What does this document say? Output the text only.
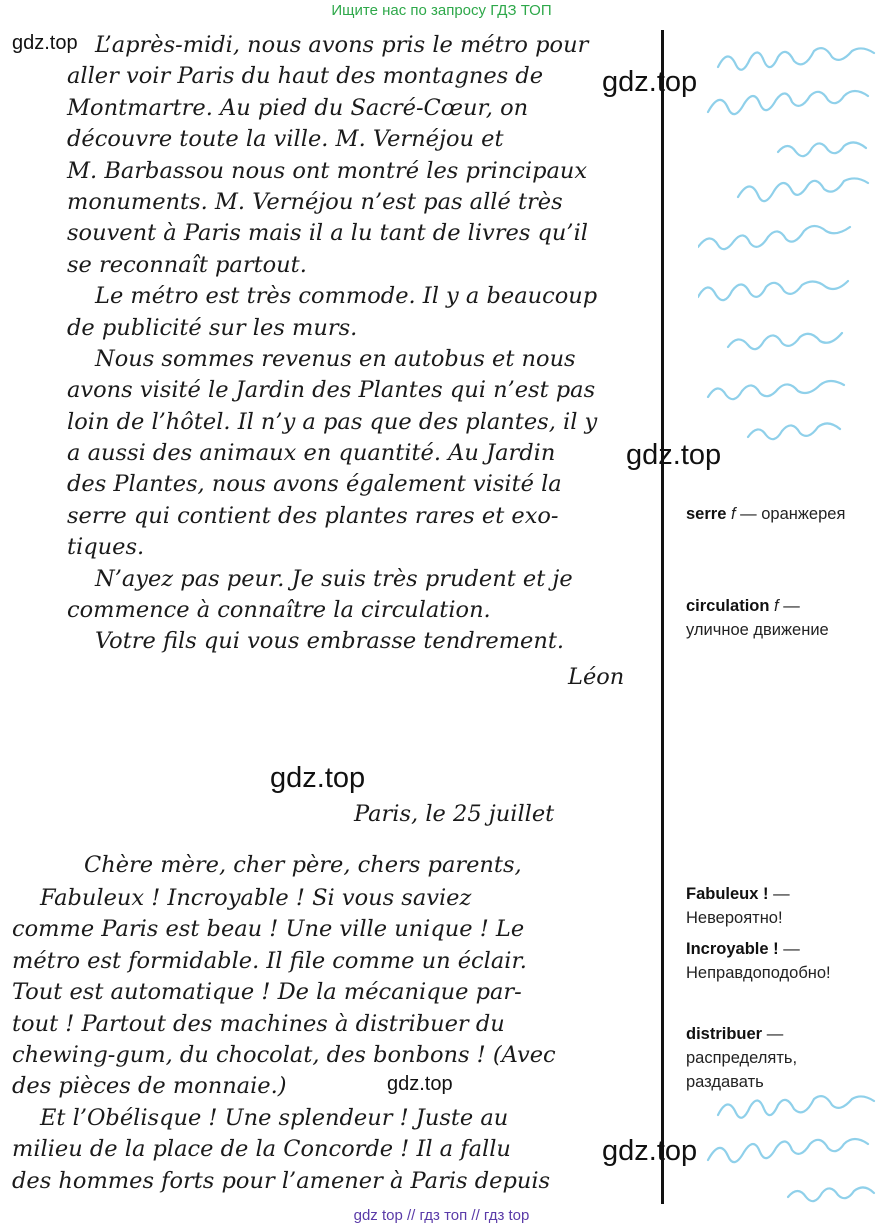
Ищите нас по запросу ГДЗ ТОП
L’après-midi, nous avons pris le métro pour
aller voir Paris du haut des montagnes de
Montmartre. Au pied du Sacré-Cœur, on
découvre toute la ville. M. Vernéjou et
M. Barbassou nous ont montré les principaux
monuments. M. Vernéjou n’est pas allé très
souvent à Paris mais il a lu tant de livres qu’il
se reconnaît partout.
Le métro est très commode. Il y a beaucoup
de publicité sur les murs.
Nous sommes revenus en autobus et nous
avons visité le Jardin des Plantes qui n’est pas
loin de l’hôtel. Il n’y a pas que des plantes, il y
a aussi des animaux en quantité. Au Jardin
des Plantes, nous avons également visité la
serre qui contient des plantes rares et exo-
tiques.
N’ayez pas peur. Je suis très prudent et je
commence à connaître la circulation.
Votre fils qui vous embrasse tendrement.
Léon
Paris, le 25 juillet
Chère mère, cher père, chers parents,
Fabuleux ! Incroyable ! Si vous saviez
comme Paris est beau ! Une ville unique ! Le
métro est formidable. Il file comme un éclair.
Tout est automatique ! De la mécanique par-
tout ! Partout des machines à distribuer du
chewing-gum, du chocolat, des bonbons ! (Avec
des pièces de monnaie.)
Et l’Obélisque ! Une splendeur ! Juste au
milieu de la place de la Concorde ! Il a fallu
des hommes forts pour l’amener à Paris depuis
serre f — оранжерея
circulation f —
уличное движение
Fabuleux ! —
Невероятно!
Incroyable ! —
Неправдоподобно!
distribuer —
распределять,
раздавать
gdz.top
gdz.top
gdz.top
gdz.top
gdz.top
gdz.top
gdz top // гдз топ // гдз top
